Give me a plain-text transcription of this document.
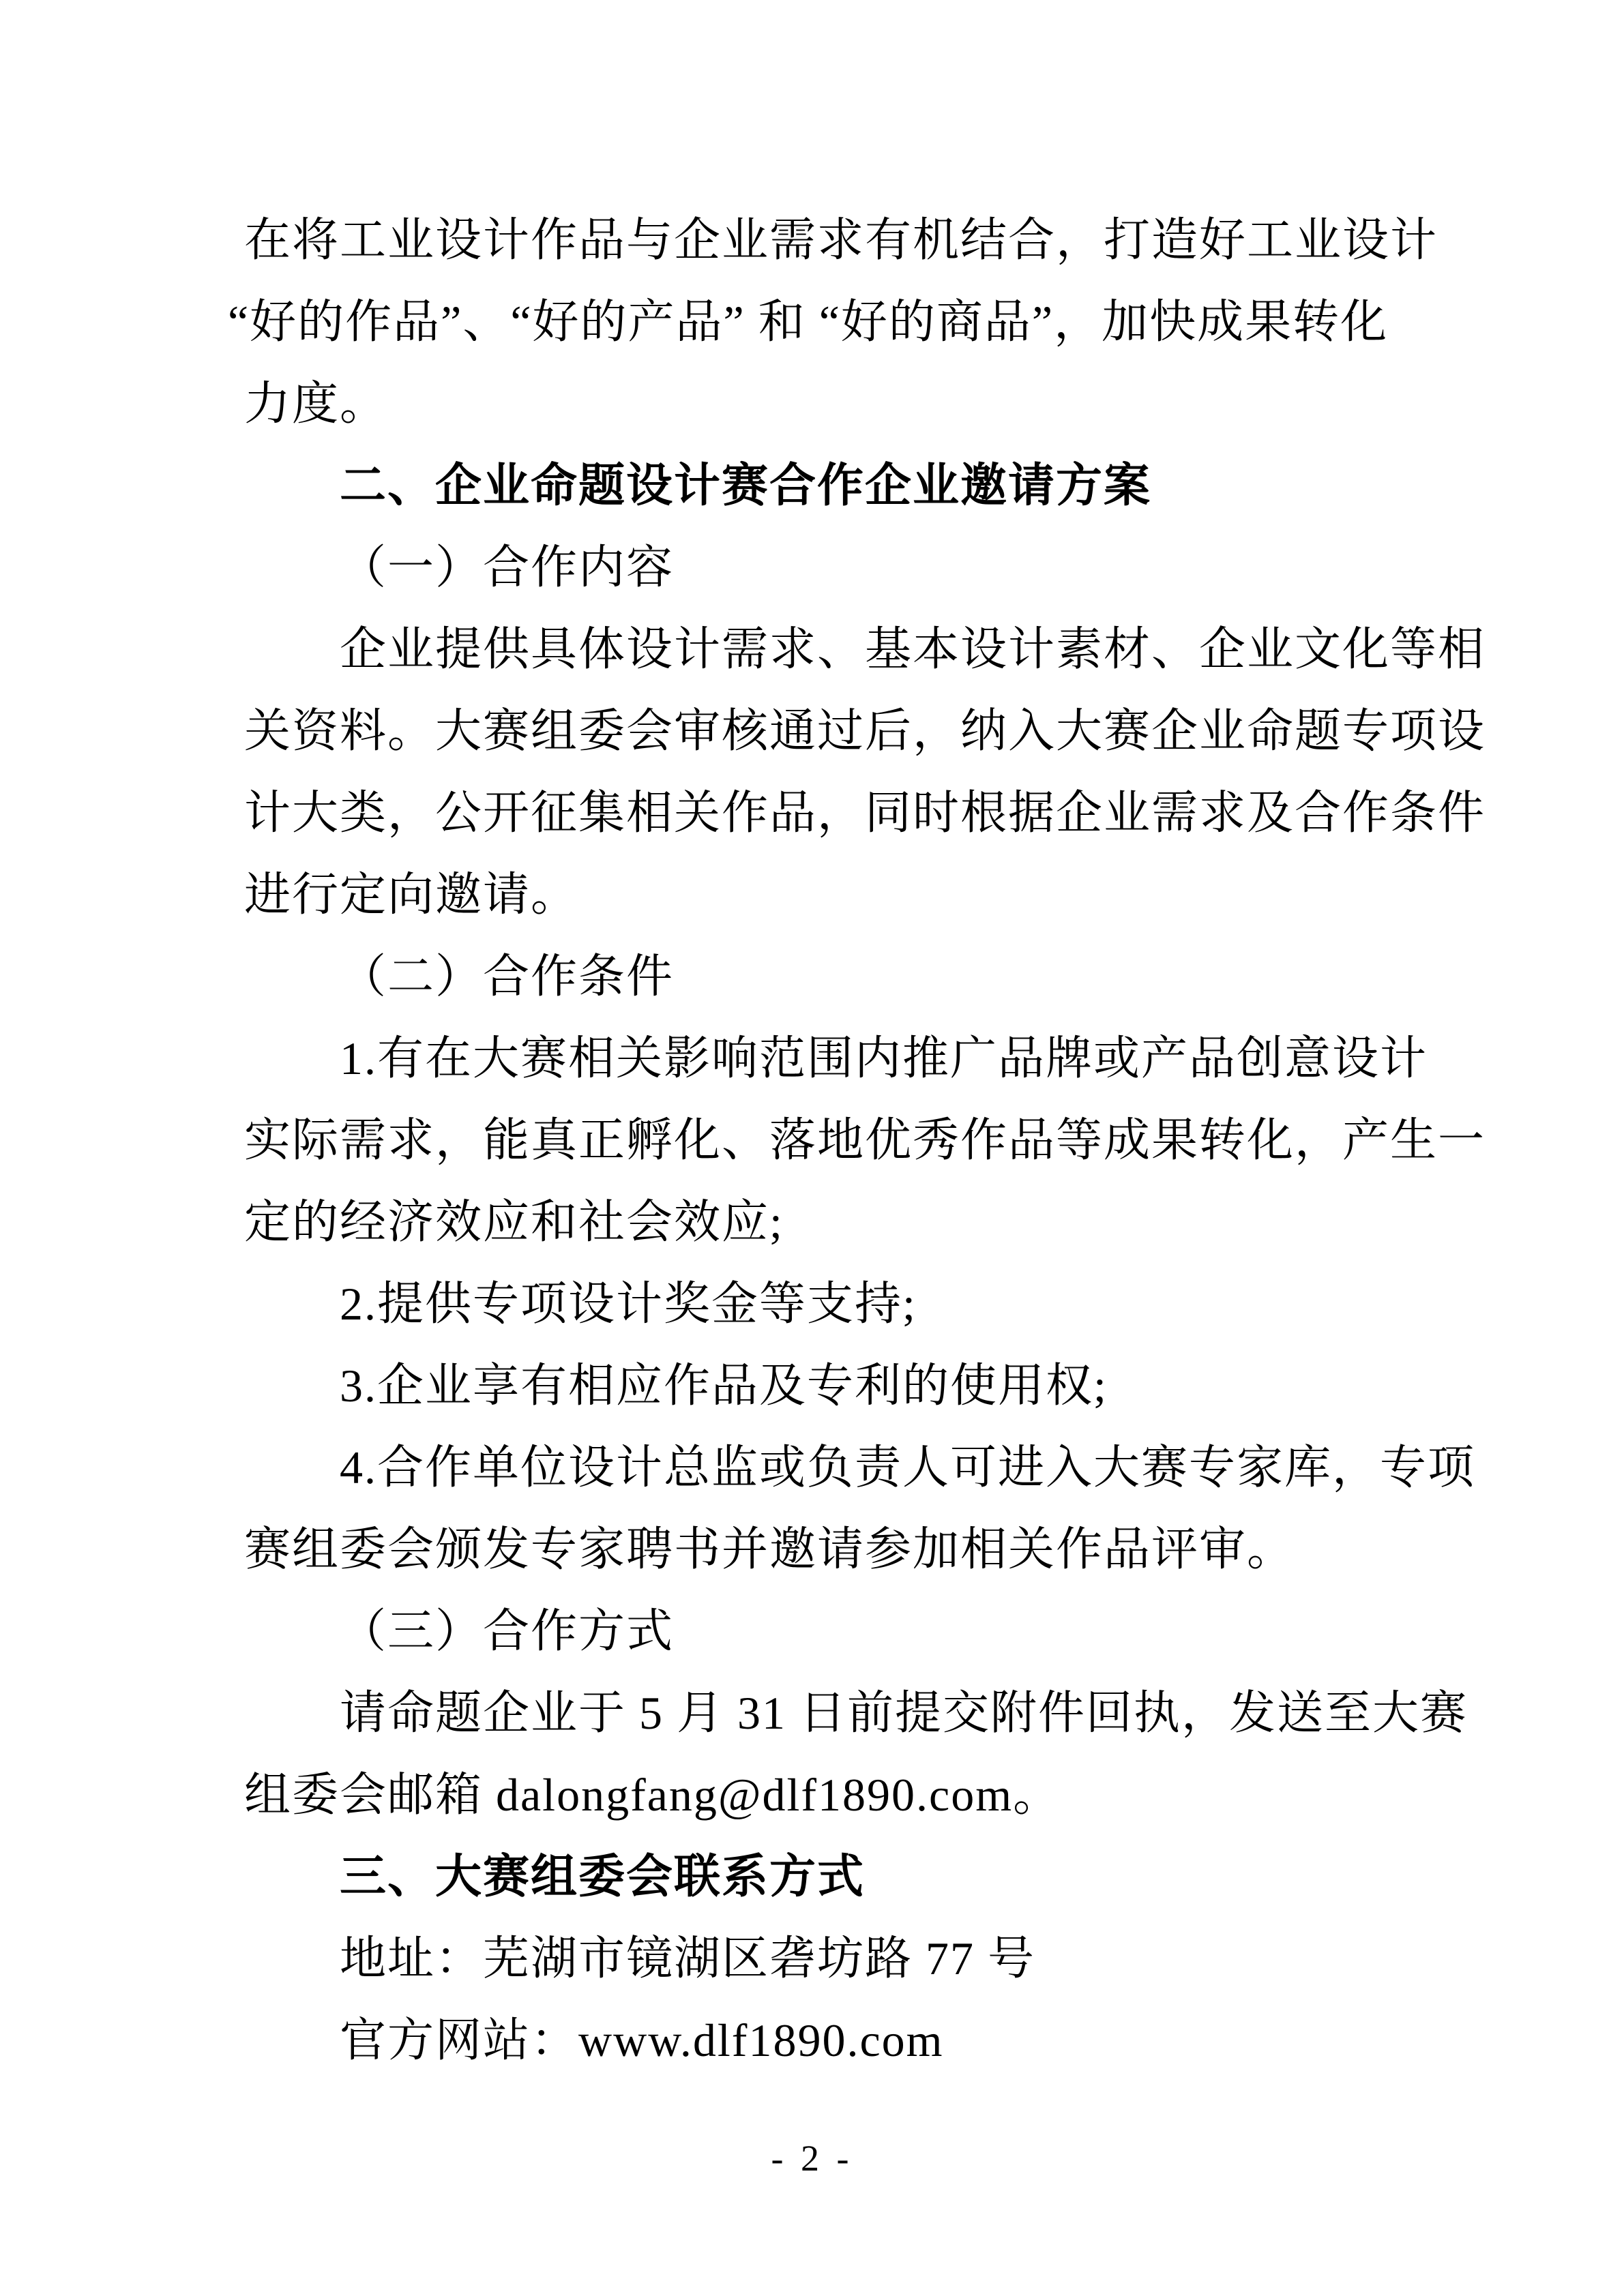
在将工业设计作品与企业需求有机结合，打造好工业设计
“好的作品”、“好的产品” 和 “好的商品”，加快成果转化
力度。
二、企业命题设计赛合作企业邀请方案
（一）合作内容
企业提供具体设计需求、基本设计素材、企业文化等相
关资料。大赛组委会审核通过后，纳入大赛企业命题专项设
计大类，公开征集相关作品，同时根据企业需求及合作条件
进行定向邀请。
（二）合作条件
1.有在大赛相关影响范围内推广品牌或产品创意设计
实际需求，能真正孵化、落地优秀作品等成果转化，产生一
定的经济效应和社会效应;
2.提供专项设计奖金等支持;
3.企业享有相应作品及专利的使用权;
4.合作单位设计总监或负责人可进入大赛专家库，专项
赛组委会颁发专家聘书并邀请参加相关作品评审。
（三）合作方式
请命题企业于 5 月 31 日前提交附件回执，发送至大赛
组委会邮箱 dalongfang@dlf1890.com。
三、大赛组委会联系方式
地址：芜湖市镜湖区砻坊路 77 号
官方网站：www.dlf1890.com
- 2 -
